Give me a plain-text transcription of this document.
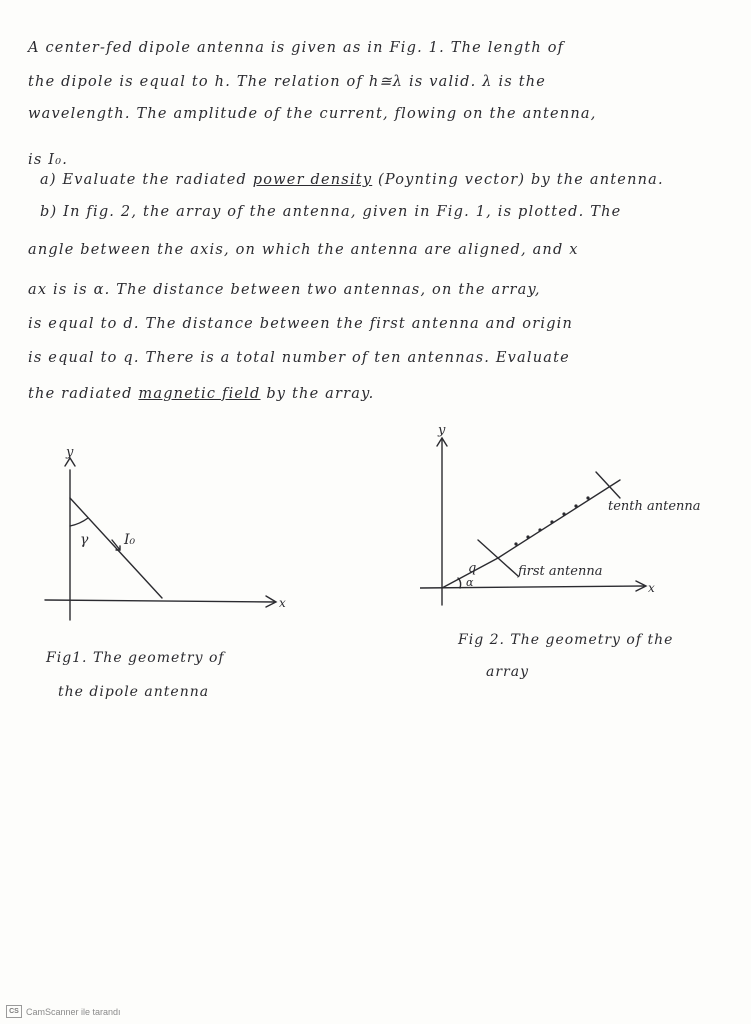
A center-fed dipole antenna is given as in Fig. 1. The length of
the dipole is equal to h. The relation of h≅λ is valid. λ is the
wavelength. The amplitude of the current, flowing on the antenna,
is I₀.
a) Evaluate the radiated power density (Poynting vector) by the antenna.
b) In fig. 2, the array of the antenna, given in Fig. 1, is plotted. The
angle between the axis, on which the antenna are aligned, and x
ax is is α. The distance between two antennas, on the array,
is equal to d. The distance between the first antenna and origin
is equal to q. There is a total number of ten antennas. Evaluate
the radiated magnetic field by the array.
y
x
γ	I₀
Fig1. The geometry of
the dipole antenna
y
x
q
α
first antenna
tenth antenna
Fig 2. The geometry of the
array
CS CamScanner ile tarandı
